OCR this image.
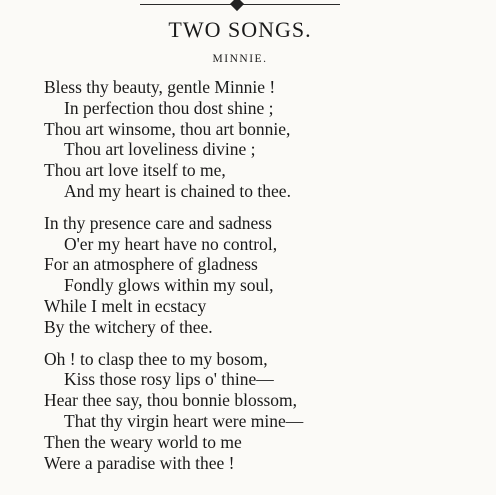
TWO SONGS.
MINNIE.
Bless thy beauty, gentle Minnie !
In perfection thou dost shine ;
Thou art winsome, thou art bonnie,
Thou art loveliness divine ;
Thou art love itself to me,
And my heart is chained to thee.
In thy presence care and sadness
O'er my heart have no control,
For an atmosphere of gladness
Fondly glows within my soul,
While I melt in ecstacy
By the witchery of thee.
Oh ! to clasp thee to my bosom,
Kiss those rosy lips o' thine—
Hear thee say, thou bonnie blossom,
That thy virgin heart were mine—
Then the weary world to me
Were a paradise with thee !
